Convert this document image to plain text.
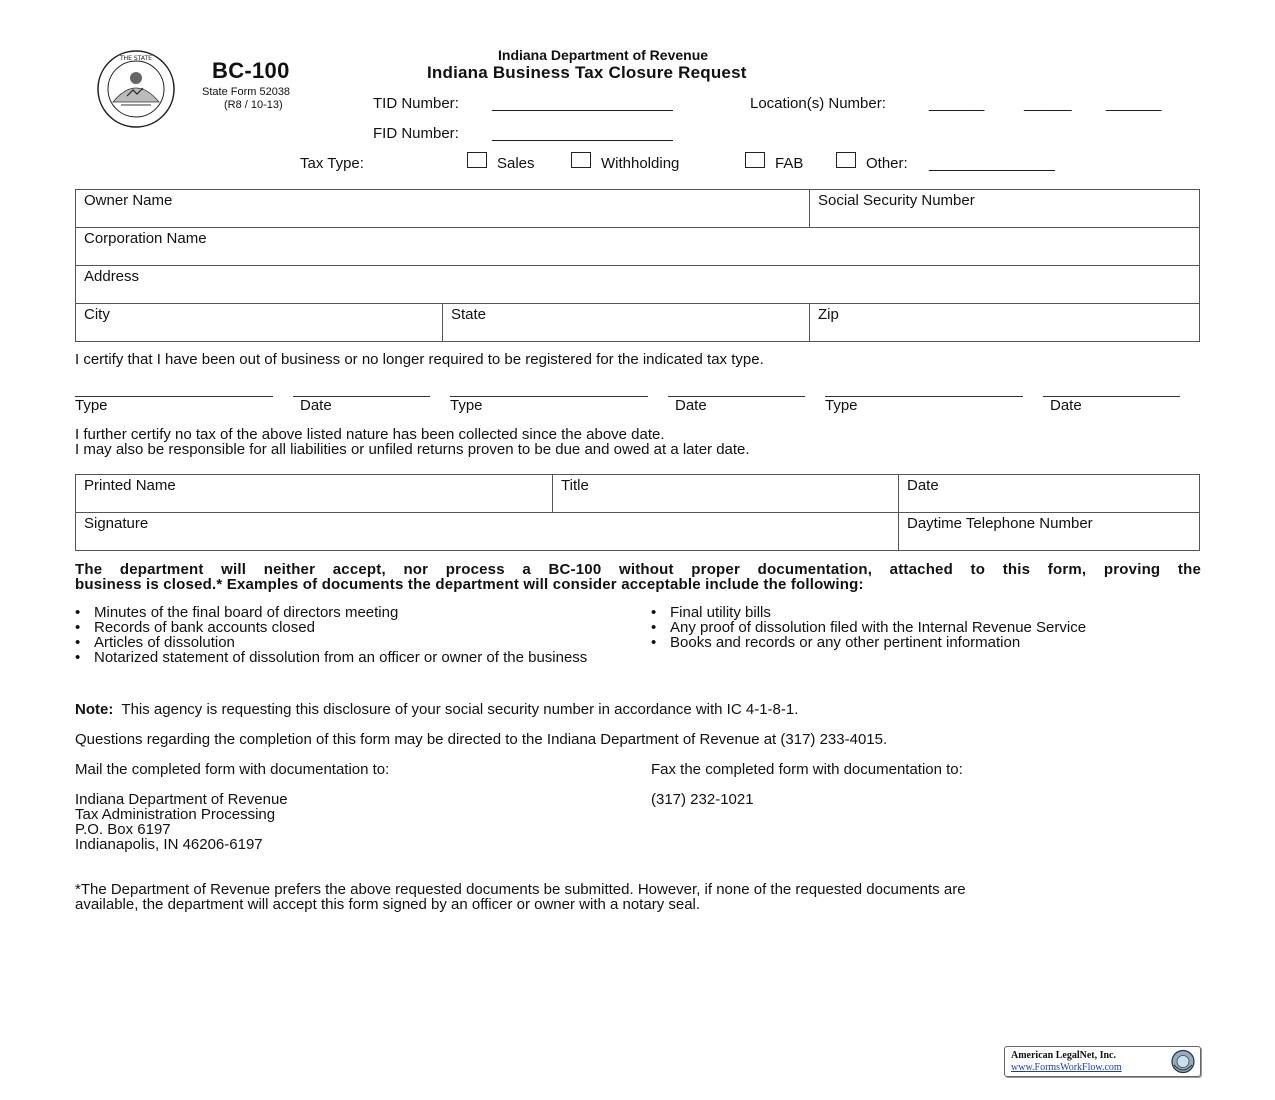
THE STATE	BC-100
State Form 52038
(R8 / 10-13)
Indiana Department of Revenue
Indiana Business Tax Closure Request
TID Number: _______________________	Location(s) Number:	_______	______ _______
FID Number: _______________________
Tax Type:	Sales	Withholding	FAB	Other: ________________
Owner Name		Social Security Number
Corporation Name		
Address		
City	State	Zip
I certify that I have been out of business or no longer required to be registered for the indicated tax type.
Type	Date	Type	Date	Type	Date
I further certify no tax of the above listed nature has been collected since the above date.
I may also be responsible for all liabilities or unfiled returns proven to be due and owed at a later date.
Printed Name	Title	Date
Signature		Daytime Telephone Number
The department will neither accept, nor process a BC-100 without proper documentation, attached to this form, proving the
business is closed.* Examples of documents the department will consider acceptable include the following:
• Minutes of the final board of directors meeting
• Records of bank accounts closed
• Articles of dissolution
• Notarized statement of dissolution from an officer or owner of the business
• Final utility bills
• Any proof of dissolution filed with the Internal Revenue Service
• Books and records or any other pertinent information
Note: This agency is requesting this disclosure of your social security number in accordance with IC 4-1-8-1.
Questions regarding the completion of this form may be directed to the Indiana Department of Revenue at (317) 233-4015.
Mail the completed form with documentation to:	Fax the completed form with documentation to:
Indiana Department of Revenue
Tax Administration Processing
P.O. Box 6197
Indianapolis, IN 46206-6197
(317) 232-1021
*The Department of Revenue prefers the above requested documents be submitted. However, if none of the requested documents are
available, the department will accept this form signed by an officer or owner with a notary seal.
American LegalNet, Inc.
www.FormsWorkFlow.com
